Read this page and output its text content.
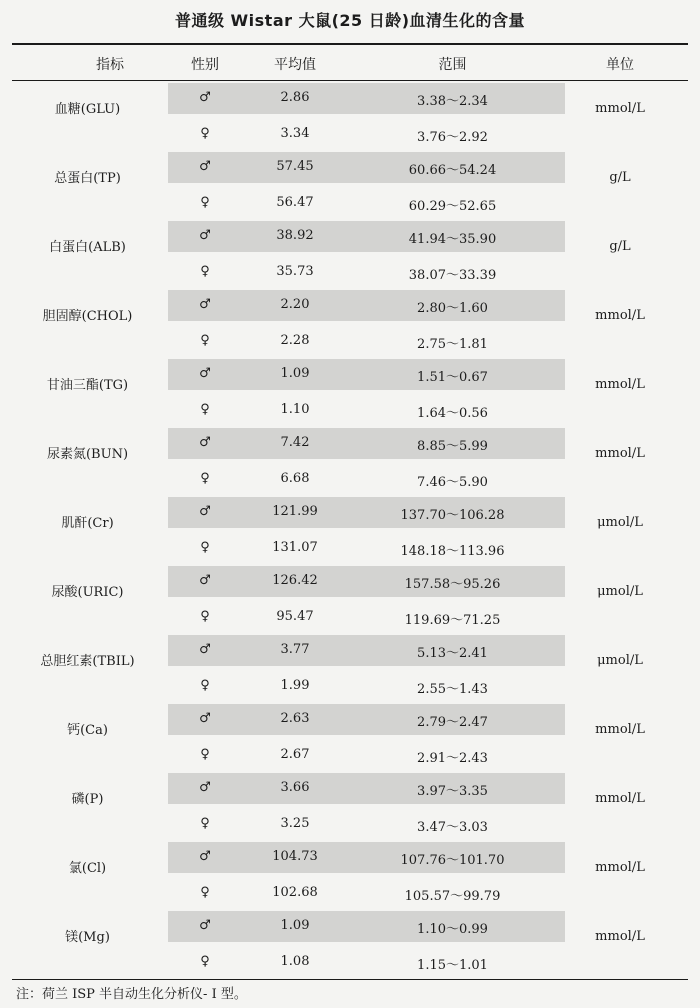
普通级 Wistar 大鼠(25 日龄)血清生化的含量
指标	性别	平均值	范围	单位
血糖(GLU)
♂	2.86	3.38～2.34
♀	3.34	3.76～2.92
mmol/L
总蛋白(TP)
♂	57.45	60.66～54.24
♀	56.47	60.29～52.65
g/L
白蛋白(ALB)
♂	38.92	41.94～35.90
♀	35.73	38.07～33.39
g/L
胆固醇(CHOL)
♂	2.20	2.80～1.60
♀	2.28	2.75～1.81
mmol/L
甘油三酯(TG)
♂	1.09	1.51～0.67
♀	1.10	1.64～0.56
mmol/L
尿素氮(BUN)
♂	7.42	8.85～5.99
♀	6.68	7.46～5.90
mmol/L
肌酐(Cr)
♂	121.99	137.70～106.28
♀	131.07	148.18～113.96
μmol/L
尿酸(URIC)
♂	126.42	157.58～95.26
♀	95.47	119.69～71.25
μmol/L
总胆红素(TBIL)
♂	3.77	5.13～2.41
♀	1.99	2.55～1.43
μmol/L
钙(Ca)
♂	2.63	2.79～2.47
♀	2.67	2.91～2.43
mmol/L
磷(P)
♂	3.66	3.97～3.35
♀	3.25	3.47～3.03
mmol/L
氯(Cl)
♂	104.73	107.76～101.70
♀	102.68	105.57～99.79
mmol/L
镁(Mg)
♂	1.09	1.10～0.99
♀	1.08	1.15～1.01
mmol/L
注：荷兰 ISP 半自动生化分析仪- I 型。
